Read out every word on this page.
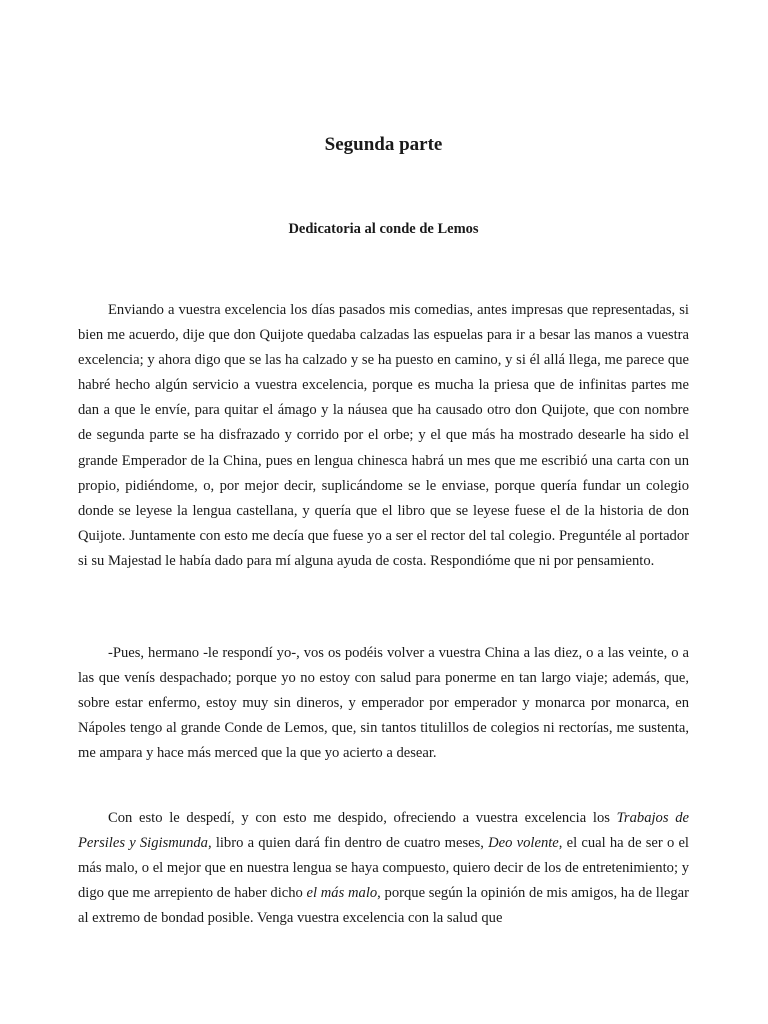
Segunda parte
Dedicatoria al conde de Lemos

Enviando a vuestra excelencia los días pasados mis comedias, antes impresas que representadas, si bien me acuerdo, dije que don Quijote quedaba calzadas las espuelas para ir a besar las manos a vuestra excelencia; y ahora digo que se las ha calzado y se ha puesto en camino, y si él allá llega, me parece que habré hecho algún servicio a vuestra excelencia, porque es mucha la priesa que de infinitas partes me dan a que le envíe, para quitar el ámago y la náusea que ha causado otro don Quijote, que con nombre de segunda parte se ha disfrazado y corrido por el orbe; y el que más ha mostrado desearle ha sido el grande Emperador de la China, pues en lengua chinesca habrá un mes que me escribió una carta con un propio, pidiéndome, o, por mejor decir, suplicándome se le enviase, porque quería fundar un colegio donde se leyese la lengua castellana, y quería que el libro que se leyese fuese el de la historia de don Quijote. Juntamente con esto me decía que fuese yo a ser el rector del tal colegio. Preguntéle al portador si su Majestad le había dado para mí alguna ayuda de costa. Respondióme que ni por pensamiento.

-Pues, hermano -le respondí yo-, vos os podéis volver a vuestra China a las diez, o a las veinte, o a las que venís despachado; porque yo no estoy con salud para ponerme en tan largo viaje; además, que, sobre estar enfermo, estoy muy sin dineros, y emperador por emperador y monarca por monarca, en Nápoles tengo al grande Conde de Lemos, que, sin tantos titulillos de colegios ni rectorías, me sustenta, me ampara y hace más merced que la que yo acierto a desear.

Con esto le despedí, y con esto me despido, ofreciendo a vuestra excelencia los Trabajos de Persiles y Sigismunda, libro a quien dará fin dentro de cuatro meses, Deo volente, el cual ha de ser o el más malo, o el mejor que en nuestra lengua se haya compuesto, quiero decir de los de entretenimiento; y digo que me arrepiento de haber dicho el más malo, porque según la opinión de mis amigos, ha de llegar al extremo de bondad posible. Venga vuestra excelencia con la salud que
